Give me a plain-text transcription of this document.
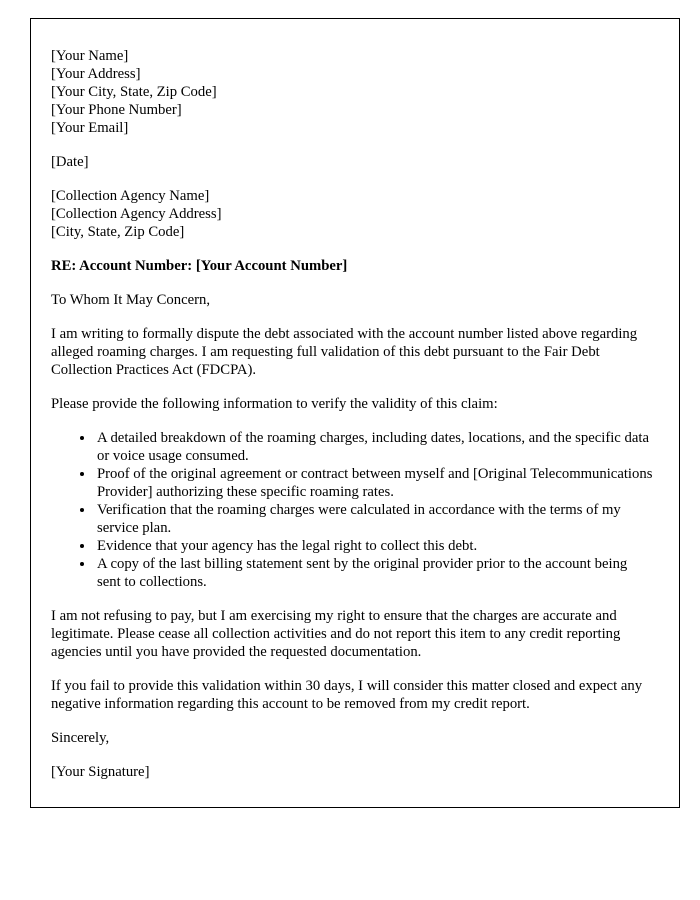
[Your Name]

[Your Address]

[Your City, State, Zip Code]

[Your Phone Number]

[Your Email]

[Date]

[Collection Agency Name]

[Collection Agency Address]

[City, State, Zip Code]

RE: Account Number: [Your Account Number]

To Whom It May Concern,

I am writing to formally dispute the debt associated with the account number listed above regarding alleged roaming charges. I am requesting full validation of this debt pursuant to the Fair Debt Collection Practices Act (FDCPA).

Please provide the following information to verify the validity of this claim:

• A detailed breakdown of the roaming charges, including dates, locations, and the specific data or voice usage consumed.
• Proof of the original agreement or contract between myself and [Original Telecommunications Provider] authorizing these specific roaming rates.
• Verification that the roaming charges were calculated in accordance with the terms of my service plan.
• Evidence that your agency has the legal right to collect this debt.
• A copy of the last billing statement sent by the original provider prior to the account being sent to collections.

I am not refusing to pay, but I am exercising my right to ensure that the charges are accurate and legitimate. Please cease all collection activities and do not report this item to any credit reporting agencies until you have provided the requested documentation.

If you fail to provide this validation within 30 days, I will consider this matter closed and expect any negative information regarding this account to be removed from my credit report.

Sincerely,

[Your Signature]
